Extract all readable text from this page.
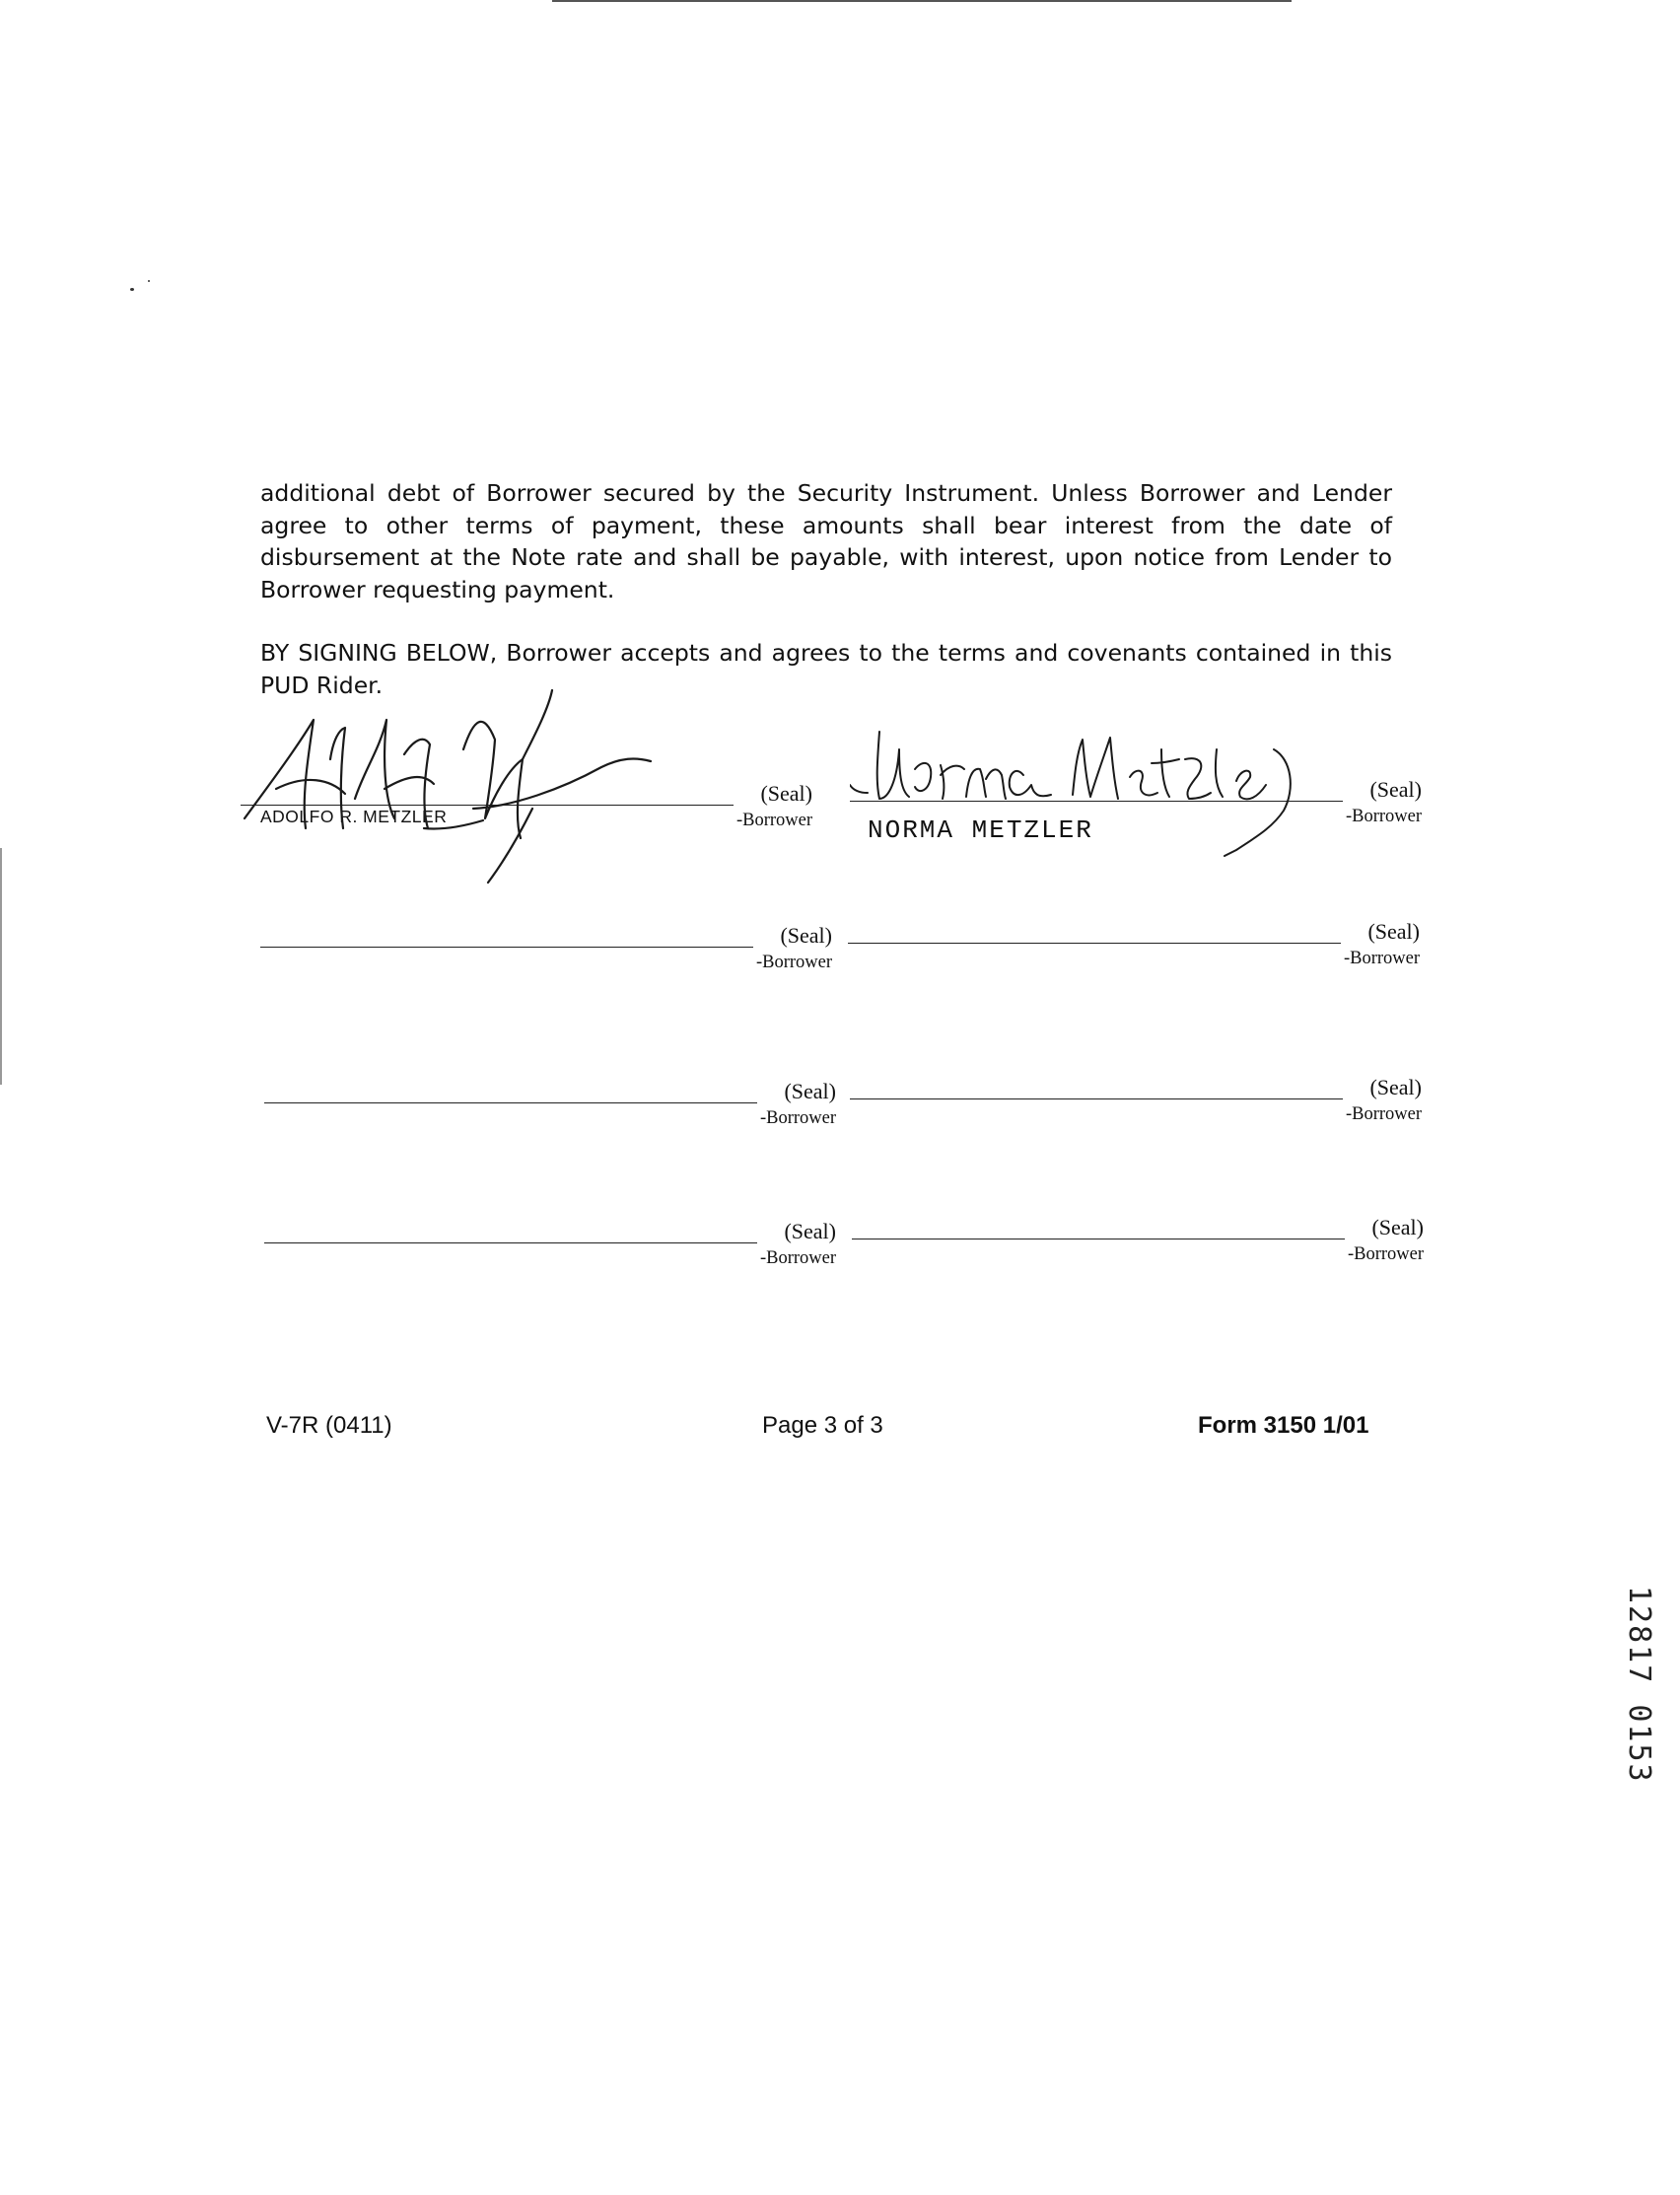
additional debt of Borrower secured by the Security Instrument. Unless Borrower and Lender agree to other terms of payment, these amounts shall bear interest from the date of disbursement at the Note rate and shall be payable, with interest, upon notice from Lender to Borrower requesting payment.

BY SIGNING BELOW, Borrower accepts and agrees to the terms and covenants contained in this PUD Rider.

(Seal)
-Borrower
ADOLFO R. METZLER
(Seal)
-Borrower
NORMA METZLER
(Seal)
-Borrower
(Seal)
-Borrower
(Seal)
-Borrower
(Seal)
-Borrower
(Seal)
-Borrower
(Seal)
-Borrower
V-7R (0411)	Page 3 of 3	Form 3150 1/01
12817 0153
